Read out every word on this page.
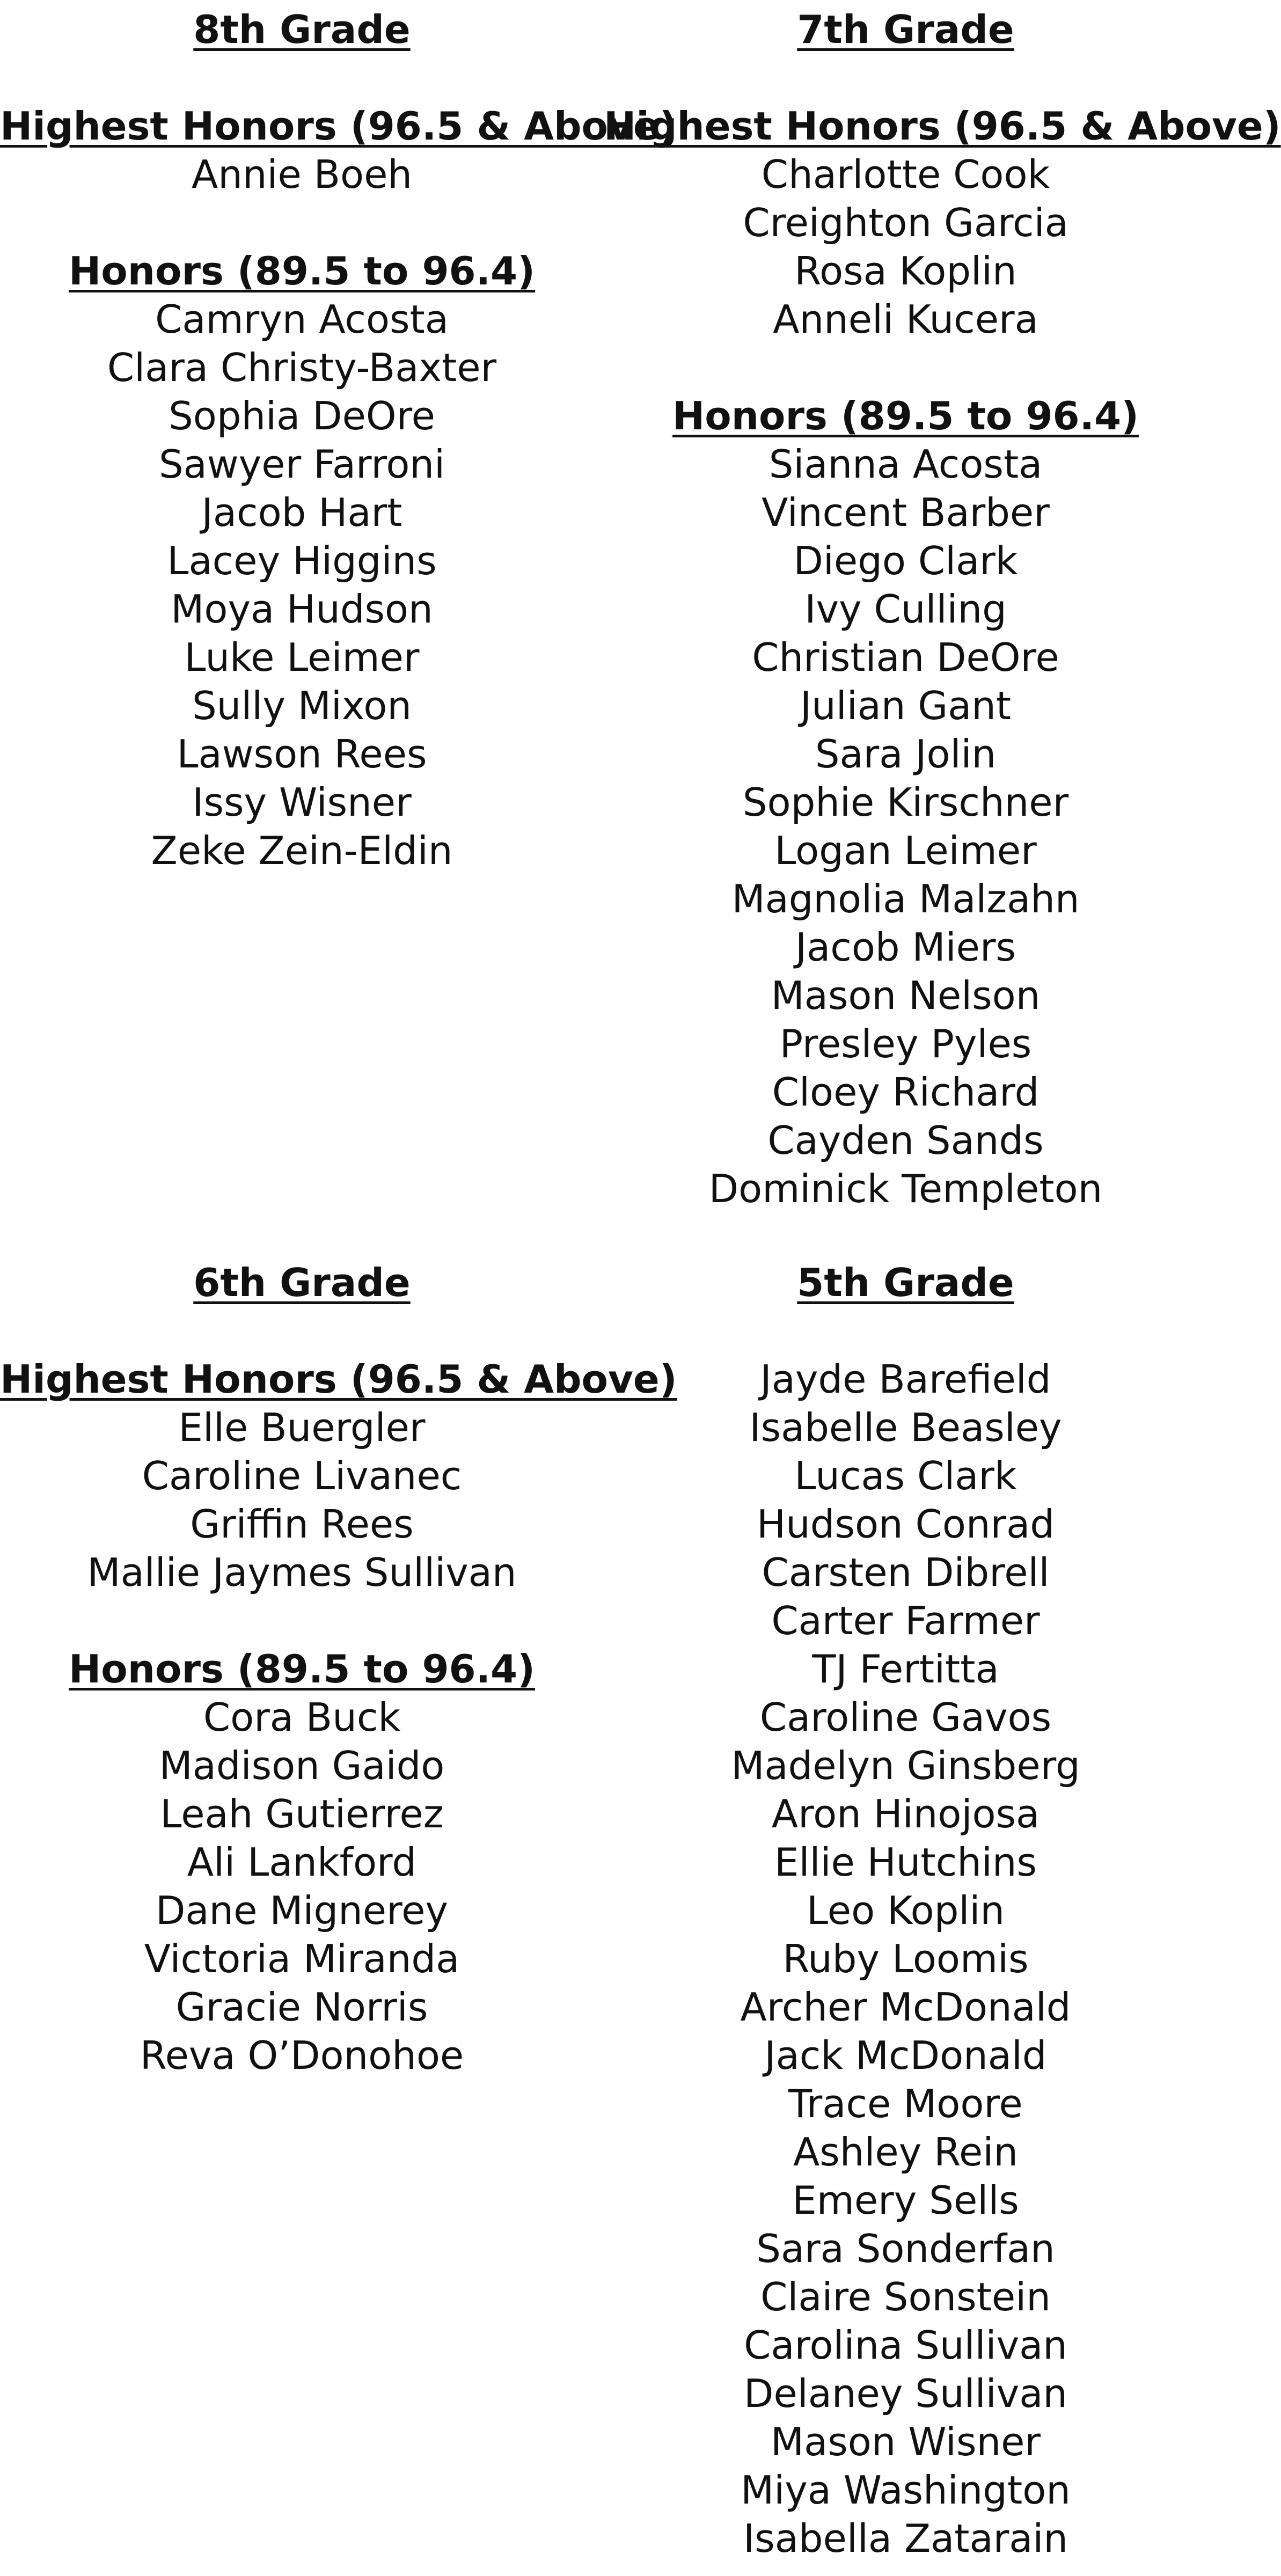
8th Grade
Highest Honors (96.5 & Above)
Annie Boeh
Honors (89.5 to 96.4)
Camryn Acosta
Clara Christy-Baxter
Sophia DeOre
Sawyer Farroni
Jacob Hart
Lacey Higgins
Moya Hudson
Luke Leimer
Sully Mixon
Lawson Rees
Issy Wisner
Zeke Zein-Eldin
7th Grade
Highest Honors (96.5 & Above)
Charlotte Cook
Creighton Garcia
Rosa Koplin
Anneli Kucera
Honors (89.5 to 96.4)
Sianna Acosta
Vincent Barber
Diego Clark
Ivy Culling
Christian DeOre
Julian Gant
Sara Jolin
Sophie Kirschner
Logan Leimer
Magnolia Malzahn
Jacob Miers
Mason Nelson
Presley Pyles
Cloey Richard
Cayden Sands
Dominick Templeton
6th Grade
Highest Honors (96.5 & Above)
Elle Buergler
Caroline Livanec
Griffin Rees
Mallie Jaymes Sullivan
Honors (89.5 to 96.4)
Cora Buck
Madison Gaido
Leah Gutierrez
Ali Lankford
Dane Mignerey
Victoria Miranda
Gracie Norris
Reva O’Donohoe
5th Grade
Jayde Barefield
Isabelle Beasley
Lucas Clark
Hudson Conrad
Carsten Dibrell
Carter Farmer
TJ Fertitta
Caroline Gavos
Madelyn Ginsberg
Aron Hinojosa
Ellie Hutchins
Leo Koplin
Ruby Loomis
Archer McDonald
Jack McDonald
Trace Moore
Ashley Rein
Emery Sells
Sara Sonderfan
Claire Sonstein
Carolina Sullivan
Delaney Sullivan
Mason Wisner
Miya Washington
Isabella Zatarain
